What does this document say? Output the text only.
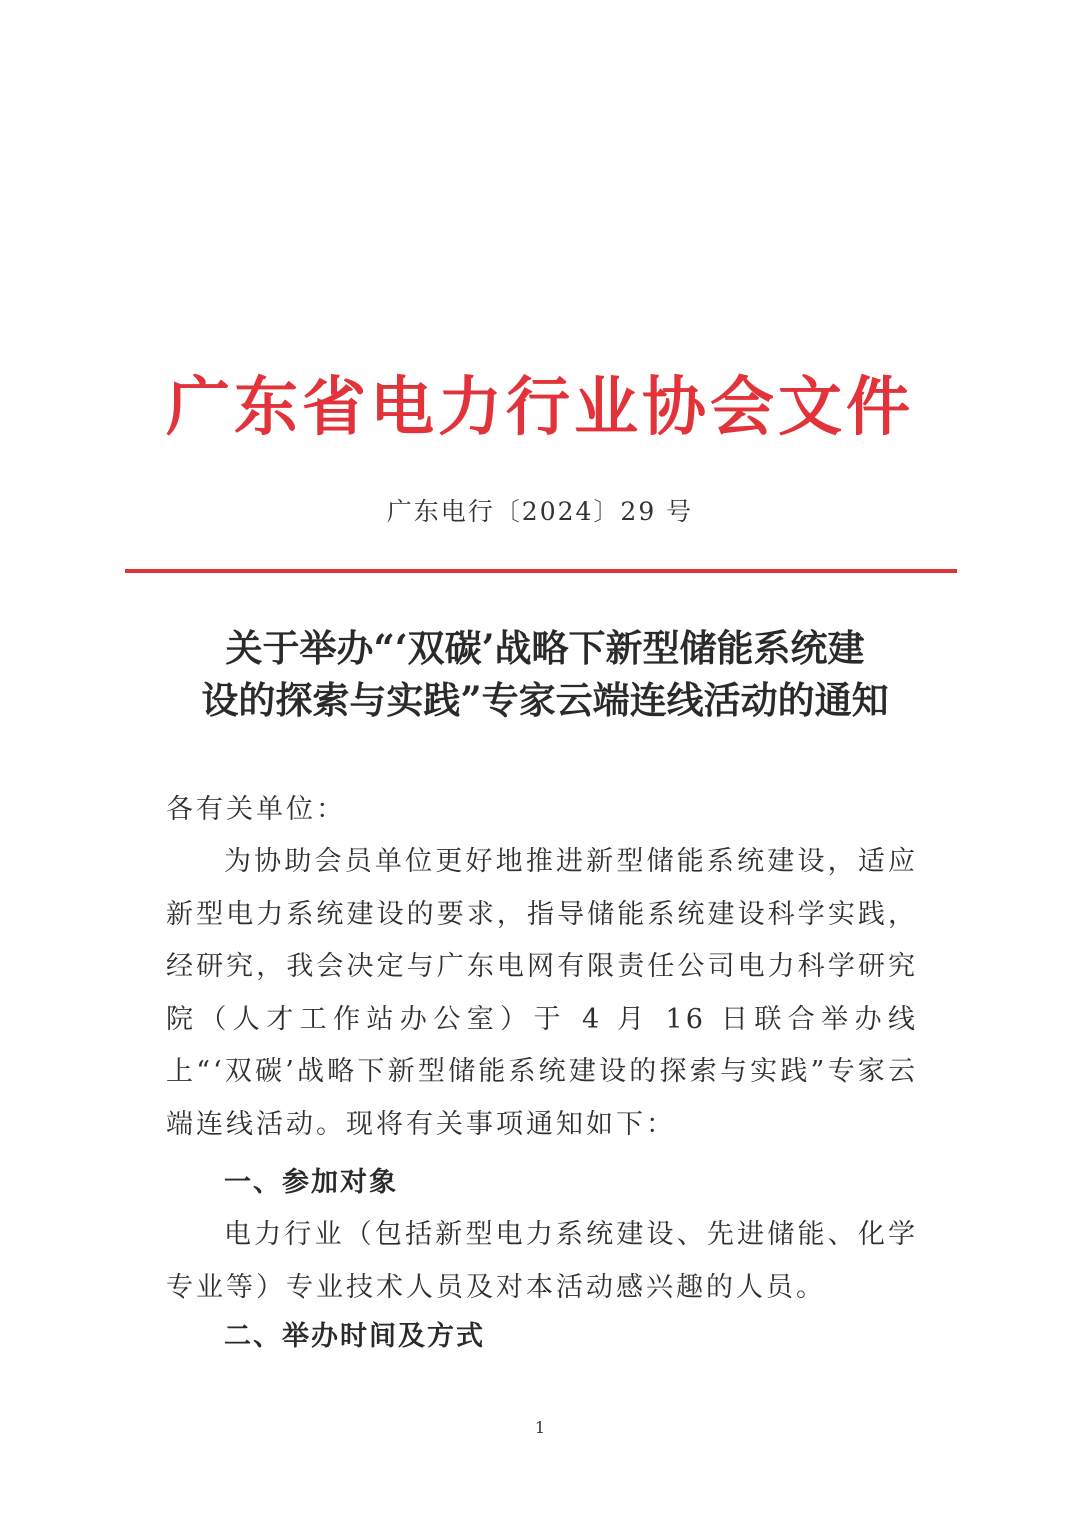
广东省电力行业协会文件
广东电行〔2024〕29 号
关于举办“‘双碳’战略下新型储能系统建
设的探索与实践”专家云端连线活动的通知
各有关单位：
为协助会员单位更好地推进新型储能系统建设，适应新型电力系统建设的要求，指导储能系统建设科学实践，经研究，我会决定与广东电网有限责任公司电力科学研究院（人才工作站办公室）于 4 月 16 日联合举办线上“‘双碳’战略下新型储能系统建设的探索与实践”专家云端连线活动。现将有关事项通知如下：
一、参加对象
电力行业（包括新型电力系统建设、先进储能、化学专业等）专业技术人员及对本活动感兴趣的人员。
二、举办时间及方式
1
